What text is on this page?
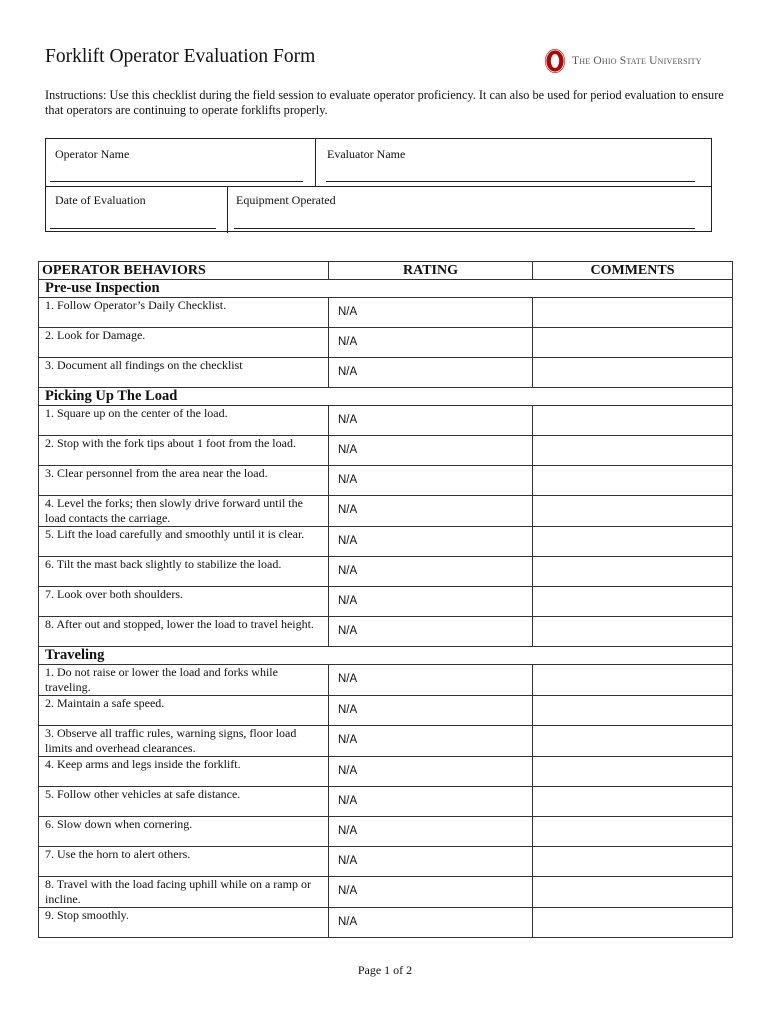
Forklift Operator Evaluation Form	The Ohio State University
Instructions: Use this checklist during the field session to evaluate operator proficiency. It can also be used for period evaluation to ensure that operators are continuing to operate forklifts properly.
Operator Name	Evaluator Name
Date of Evaluation	Equipment Operated
OPERATOR BEHAVIORS	RATING	COMMENTS
Pre-use Inspection		
1. Follow Operator’s Daily Checklist.	N/A	

2. Look for Damage.	N/A	

3. Document all findings on the checklist	N/A	

Picking Up The Load		
1. Square up on the center of the load.	N/A	

2. Stop with the fork tips about 1 foot from the load.	N/A	

3. Clear personnel from the area near the load.	N/A	

4. Level the forks; then slowly drive forward until the load contacts the carriage.	N/A	

5. Lift the load carefully and smoothly until it is clear.	N/A	

6. Tilt the mast back slightly to stabilize the load.	N/A	

7. Look over both shoulders.	N/A	

8. After out and stopped, lower the load to travel height.	N/A	

Traveling		
1. Do not raise or lower the load and forks while traveling.	N/A	

2. Maintain a safe speed.	N/A	

3. Observe all traffic rules, warning signs, floor load limits and overhead clearances.	N/A	

4. Keep arms and legs inside the forklift.	N/A	

5. Follow other vehicles at safe distance.	N/A	

6. Slow down when cornering.	N/A	

7. Use the horn to alert others.	N/A	

8. Travel with the load facing uphill while on a ramp or incline.	N/A	

9. Stop smoothly.	N/A	

Page 1 of 2
